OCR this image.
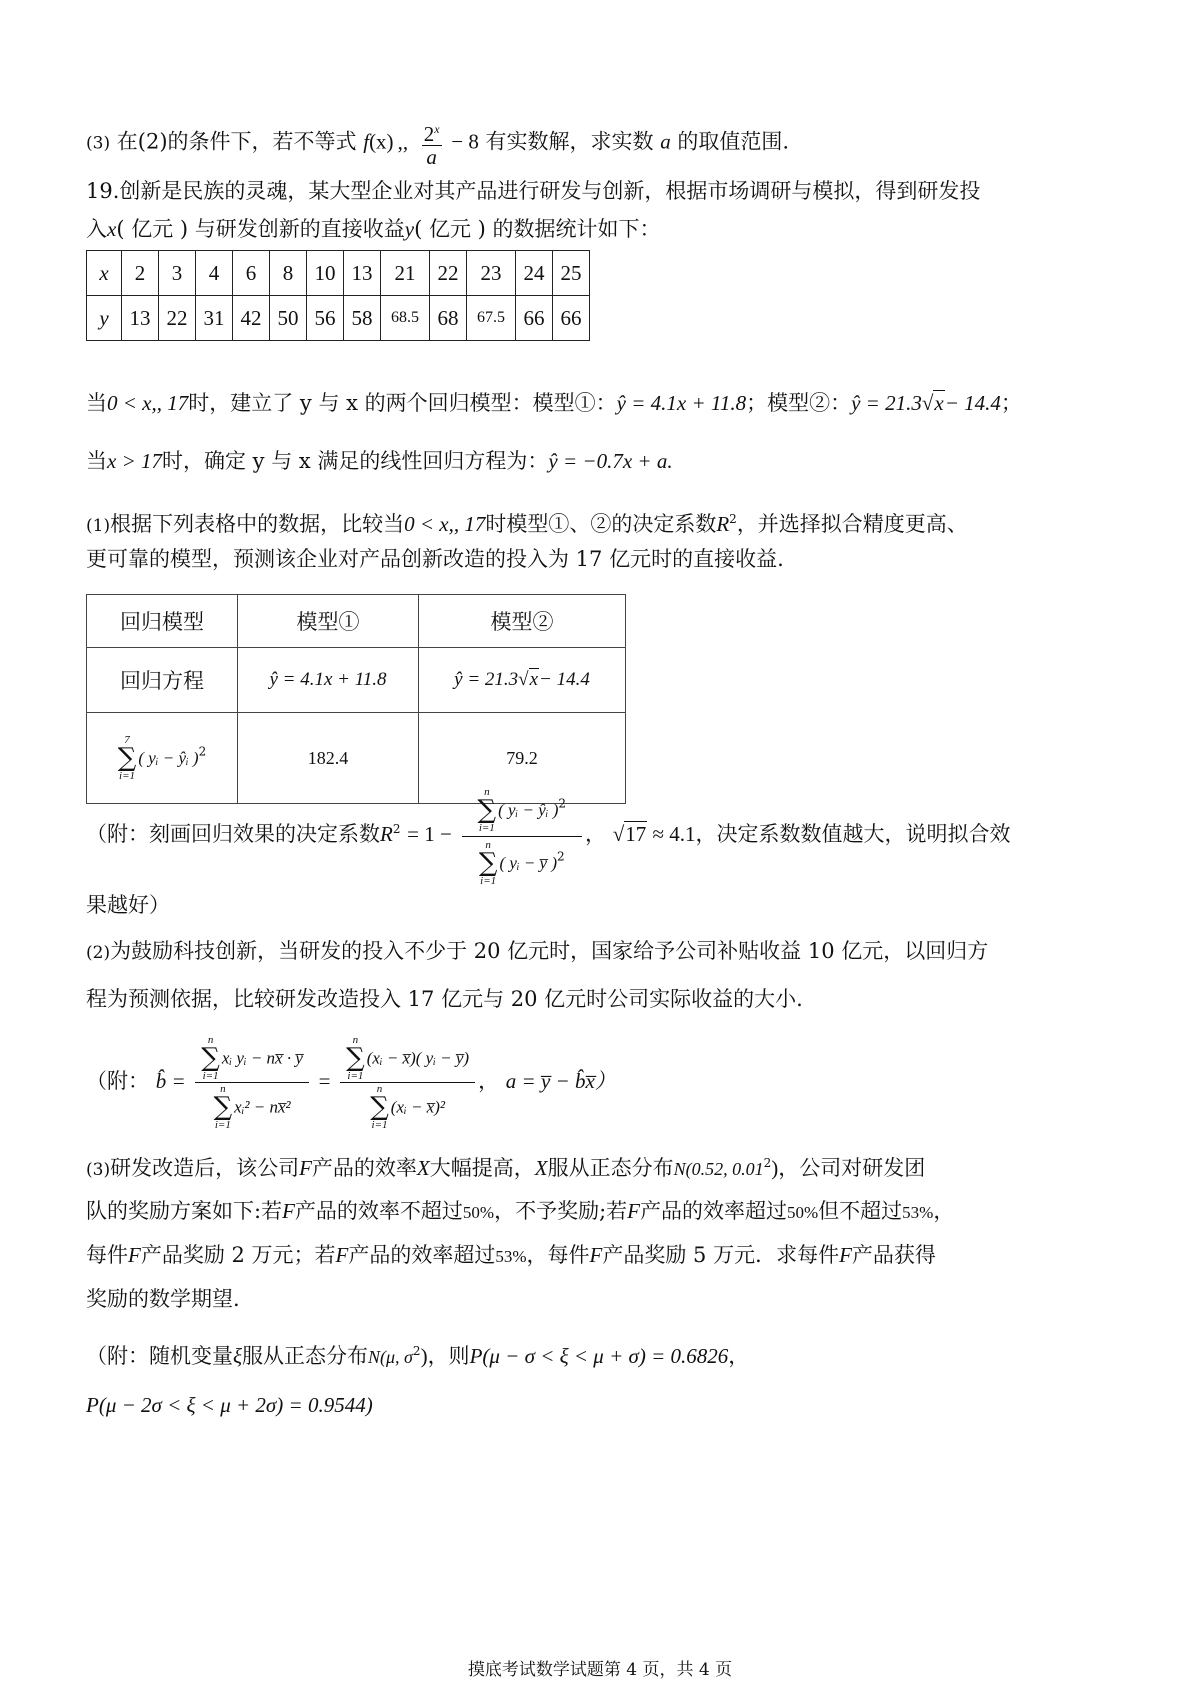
(3) 在(2)的条件下，若不等式 f(x) ,, $\frac{2^x}{a} - 8$ 有实数解，求实数 a 的取值范围.
19.创新是民族的灵魂，某大型企业对其产品进行研发与创新，根据市场调研与模拟，得到研发投
入x( 亿元 ) 与研发创新的直接收益y( 亿元 ) 的数据统计如下：
x	2	3	4	6	8	10	13	21	22	23	24	25
y	13	22	31	42	50	56	58	68.5	68	67.5	66	66
当0 < x,, 17时，建立了 y 与 x 的两个回归模型：模型①：ŷ = 4.1x + 11.8；模型②：ŷ = 21.3√x− 14.4；
当x > 17时，确定 y 与 x 满足的线性回归方程为：ŷ = −0.7x + a.
(1)根据下列表格中的数据，比较当0 < x,, 17时模型①、②的决定系数$R^2$，并选择拟合精度更高、
更可靠的模型，预测该企业对产品创新改造的投入为 17 亿元时的直接收益.
回归模型	模型①	模型②
回归方程	ŷ = 4.1x + 11.8	ŷ = 21.3√x− 14.4

7
∑
i=1
( yᵢ − ŷᵢ )$^2$	182.4	79.2
（附：刻画回归效果的决定系数$R^2 = 1 - n$
∑
i=1
( yᵢ − ŷᵢ )$^2$
n
∑
i=1
( yᵢ − y̅ )$^2$ ， √17 ≈ 4.1，决定系数数值越大，说明拟合效
果越好）
(2)为鼓励科技创新，当研发的投入不少于 20 亿元时，国家给予公司补贴收益 10 亿元，以回归方
程为预测依据，比较研发改造投入 17 亿元与 20 亿元时公司实际收益的大小.
（附： b̂ = n
∑
i=1
xᵢ yᵢ − nx̅ · y̅
n
∑
i=1
xᵢ² − nx̅² = n
∑
i=1
(xᵢ − x̅)( yᵢ − y̅)
n
∑
i=1
(xᵢ − x̅)² ， a = y̅ − b̂x̅）
(3)研发改造后，该公司F产品的效率X大幅提高，X服从正态分布N(0.52, 0.01$^2$)，公司对研发团
队的奖励方案如下:若F产品的效率不超过50%，不予奖励;若F产品的效率超过50%但不超过53%，
每件F产品奖励 2 万元；若F产品的效率超过53%，每件F产品奖励 5 万元．求每件F产品获得
奖励的数学期望.
（附：随机变量ξ服从正态分布N(μ, $\sigma^2$)，则P(μ − σ < ξ < μ + σ) = 0.6826，
P(μ − 2σ < ξ < μ + 2σ) = 0.9544)
摸底考试数学试题第 4 页，共 4 页
